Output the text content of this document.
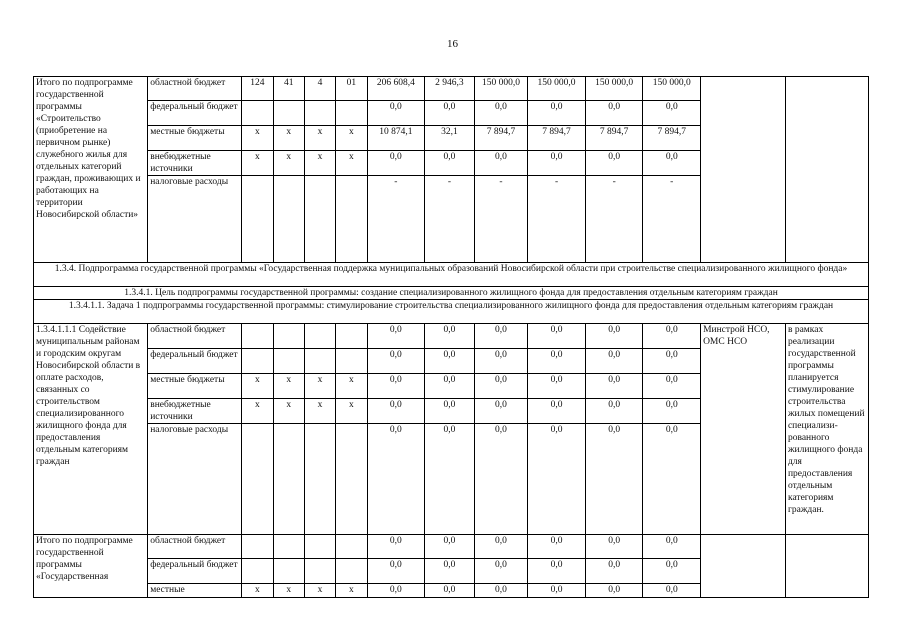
16
Итого по подпрограмме государственной программы «Строительство (приобретение на первичном рынке) служебного жилья для отдельных категорий граждан, проживающих и работающих на территории Новосибирской области»	областной бюджет	124	41	4	01	206 608,4	2 946,3	150 000,0	150 000,0	150 000,0	150 000,0		
	федеральный бюджет					0,0	0,0	0,0	0,0	0,0	0,0		
	местные бюджеты	x	x	x	x	10 874,1	32,1	7 894,7	7 894,7	7 894,7	7 894,7		
	внебюджетные источники	x	x	x	x	0,0	0,0	0,0	0,0	0,0	0,0		
	налоговые расходы					-	-	-	-	-	-		
1.3.4. Подпрограмма государственной программы «Государственная поддержка муниципальных образований Новосибирской области при строительстве специализированного жилищного фонда»													
1.3.4.1. Цель подпрограммы государственной программы: создание специализированного жилищного фонда для предоставления отдельным категориям граждан													
1.3.4.1.1. Задача 1 подпрограммы государственной программы: стимулирование строительства специализированного жилищного фонда для предоставления отдельным категориям граждан													
1.3.4.1.1.1 Содействие муниципальным районам и городским округам Новосибирской области в оплате расходов, связанных со строительством специализированного жилищного фонда для предоставления отдельным категориям граждан	областной бюджет					0,0	0,0	0,0	0,0	0,0	0,0	Минстрой НСО, ОМС НСО	в рамках реализации государственной программы планируется стимулирование строительства жилых помещений специализи-рованного жилищного фонда для предоставления отдельным категориям граждан.
	федеральный бюджет					0,0	0,0	0,0	0,0	0,0	0,0		
	местные бюджеты	x	x	x	x	0,0	0,0	0,0	0,0	0,0	0,0		
	внебюджетные источники	x	x	x	x	0,0	0,0	0,0	0,0	0,0	0,0		
	налоговые расходы					0,0	0,0	0,0	0,0	0,0	0,0		
Итого по подпрограмме государственной программы «Государственная	областной бюджет					0,0	0,0	0,0	0,0	0,0	0,0		
	федеральный бюджет					0,0	0,0	0,0	0,0	0,0	0,0		
	местные	x	x	x	x	0,0	0,0	0,0	0,0	0,0	0,0		
